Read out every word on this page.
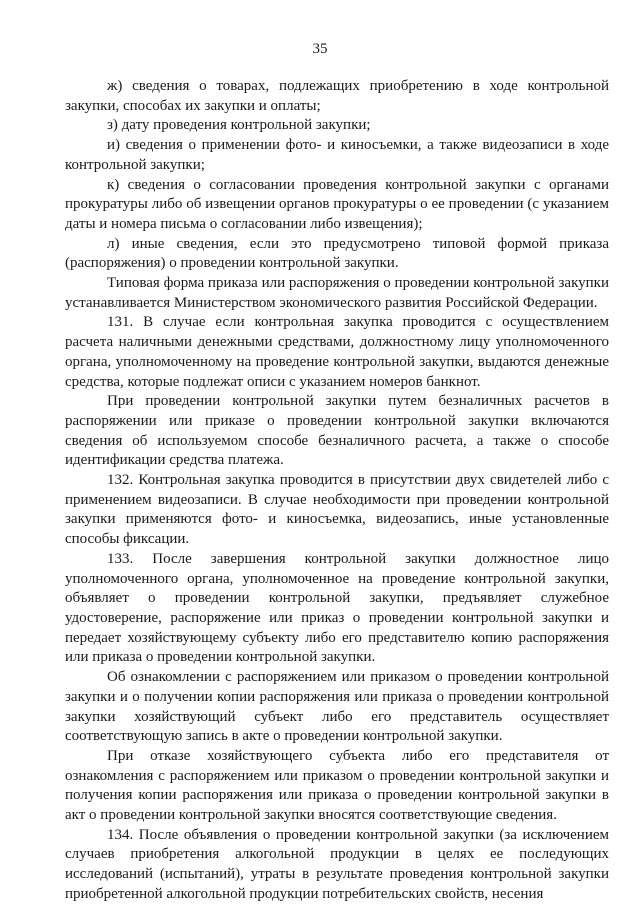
35

ж) сведения о товарах, подлежащих приобретению в ходе контрольной закупки, способах их закупки и оплаты;

з) дату проведения контрольной закупки;

и) сведения о применении фото- и киносъемки, а также видеозаписи в ходе контрольной закупки;

к) сведения о согласовании проведения контрольной закупки с органами прокуратуры либо об извещении органов прокуратуры о ее проведении (с указанием даты и номера письма о согласовании либо извещения);

л) иные сведения, если это предусмотрено типовой формой приказа (распоряжения) о проведении контрольной закупки.

Типовая форма приказа или распоряжения о проведении контрольной закупки устанавливается Министерством экономического развития Российской Федерации.

131. В случае если контрольная закупка проводится с осуществлением расчета наличными денежными средствами, должностному лицу уполномоченного органа, уполномоченному на проведение контрольной закупки, выдаются денежные средства, которые подлежат описи с указанием номеров банкнот.

При проведении контрольной закупки путем безналичных расчетов в распоряжении или приказе о проведении контрольной закупки включаются сведения об используемом способе безналичного расчета, а также о способе идентификации средства платежа.

132. Контрольная закупка проводится в присутствии двух свидетелей либо с применением видеозаписи. В случае необходимости при проведении контрольной закупки применяются фото- и киносъемка, видеозапись, иные установленные способы фиксации.

133. После завершения контрольной закупки должностное лицо уполномоченного органа, уполномоченное на проведение контрольной закупки, объявляет о проведении контрольной закупки, предъявляет служебное удостоверение, распоряжение или приказ о проведении контрольной закупки и передает хозяйствующему субъекту либо его представителю копию распоряжения или приказа о проведении контрольной закупки.

Об ознакомлении с распоряжением или приказом о проведении контрольной закупки и о получении копии распоряжения или приказа о проведении контрольной закупки хозяйствующий субъект либо его представитель осуществляет соответствующую запись в акте о проведении контрольной закупки.

При отказе хозяйствующего субъекта либо его представителя от ознакомления с распоряжением или приказом о проведении контрольной закупки и получения копии распоряжения или приказа о проведении контрольной закупки в акт о проведении контрольной закупки вносятся соответствующие сведения.

134. После объявления о проведении контрольной закупки (за исключением случаев приобретения алкогольной продукции в целях ее последующих исследований (испытаний), утраты в результате проведения контрольной закупки приобретенной алкогольной продукции потребительских свойств, несения
